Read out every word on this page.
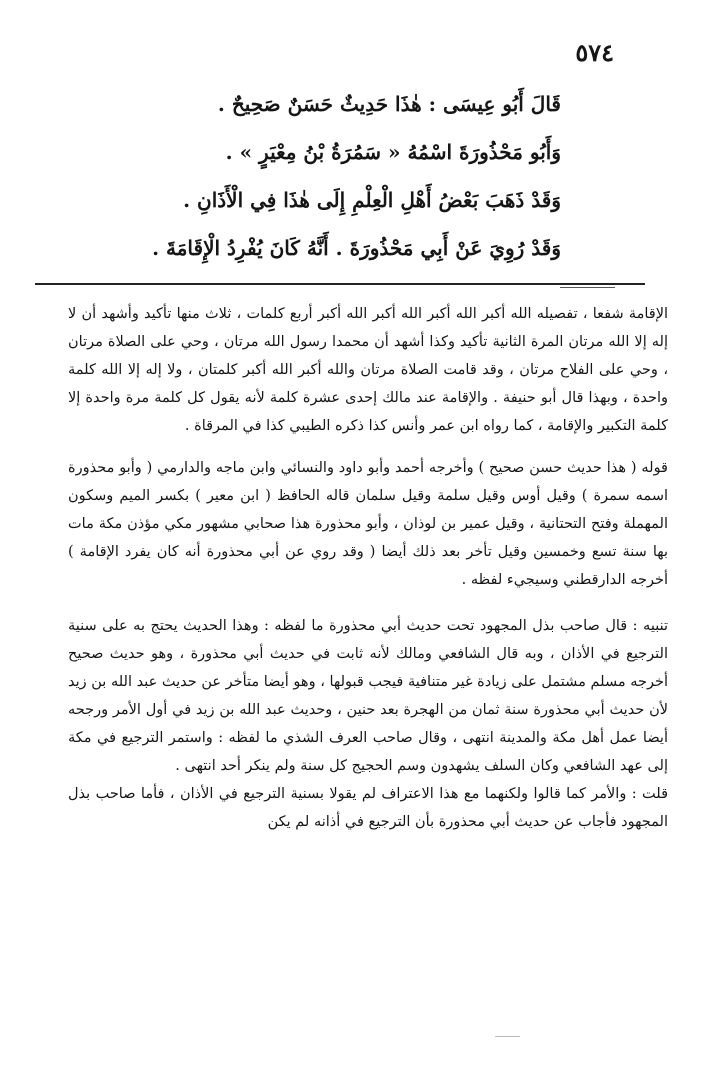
٥٧٤
قَالَ أَبُو عِيسَى : هٰذَا حَدِيثٌ حَسَنٌ صَحِيحٌ .
وَأَبُو مَحْذُورَةَ اسْمُهُ « سَمُرَةُ بْنُ مِعْيَرٍ » .
وَقَدْ ذَهَبَ بَعْضُ أَهْلِ الْعِلْمِ إِلَى هٰذَا فِي الْأَذَانِ .
وَقَدْ رُوِيَ عَنْ أَبِي مَحْذُورَةَ . أَنَّهُ كَانَ يُفْرِدُ الْإِقَامَةَ .

الإقامة شفعا ، تفصيله الله أكبر الله أكبر الله أكبر الله أكبر أربع كلمات ، ثلاث منها تأكيد وأشهد أن لا إله إلا الله مرتان المرة الثانية تأكيد وكذا أشهد أن محمدا رسول الله مرتان ، وحي على الصلاة مرتان ، وحي على الفلاح مرتان ، وقد قامت الصلاة مرتان والله أكبر الله أكبر كلمتان ، ولا إله إلا الله كلمة واحدة ، وبهذا قال أبو حنيفة . والإقامة عند مالك إحدى عشرة كلمة لأنه يقول كل كلمة مرة واحدة إلا كلمة التكبير والإقامة ، كما رواه ابن عمر وأنس كذا ذكره الطيبي كذا في المرقاة .

قوله ( هذا حديث حسن صحيح ) وأخرجه أحمد وأبو داود والنسائي وابن ماجه والدارمي ( وأبو محذورة اسمه سمرة ) وقيل أوس وقيل سلمة وقيل سلمان قاله الحافظ ( ابن معير ) بكسر الميم وسكون المهملة وفتح التحتانية ، وقيل عمير بن لوذان ، وأبو محذورة هذا صحابي مشهور مكي مؤذن مكة مات بها سنة تسع وخمسين وقيل تأخر بعد ذلك أيضا ( وقد روي عن أبي محذورة أنه كان يفرد الإقامة ) أخرجه الدارقطني وسيجيء لفظه .

تنبيه : قال صاحب بذل المجهود تحت حديث أبي محذورة ما لفظه : وهذا الحديث يحتج به على سنية الترجيع في الأذان ، وبه قال الشافعي ومالك لأنه ثابت في حديث أبي محذورة ، وهو حديث صحيح أخرجه مسلم مشتمل على زيادة غير متنافية فيجب قبولها ، وهو أيضا متأخر عن حديث عبد الله بن زيد لأن حديث أبي محذورة سنة ثمان من الهجرة بعد حنين ، وحديث عبد الله بن زيد في أول الأمر ورجحه أيضا عمل أهل مكة والمدينة انتهى ، وقال صاحب العرف الشذي ما لفظه : واستمر الترجيع في مكة إلى عهد الشافعي وكان السلف يشهدون وسم الحجيج كل سنة ولم ينكر أحد انتهى .

قلت : والأمر كما قالوا ولكنهما مع هذا الاعتراف لم يقولا بسنية الترجيع في الأذان ، فأما صاحب بذل المجهود فأجاب عن حديث أبي محذورة بأن الترجيع في أذانه لم يكن
